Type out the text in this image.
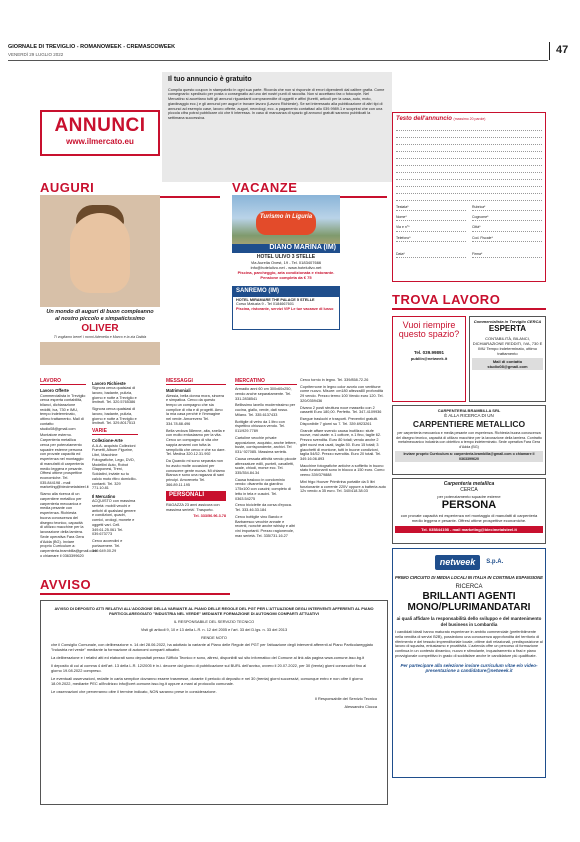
GIORNALE DI TREVIGLIO - ROMANOWEEK - CREMASCOWEEK
VENERDÌ 29 LUGLIO 2022	47
ANNUNCI
www.ilmercato.eu
Il tuo annuncio è gratuito
Compila questo coupon in stampatello in ogni sua parte. Ricorda che non si risponde di errori dipendenti dal calibre grafia. Come consegnarlo: spedisclo per posta o consegnatlo ad uno dei nostri punti di raccolta. Non si accettano fax o fotocopie. Nel Mercatino si accettano tutti gli annunci riguardanti compravendite di oggetti e affini (furetti, articoli per la casa, auto, moto, giardinaggio ecc.) e gli annunci per auguri e trovare lavoro (Lavoro Richieste). Se sei interessato alla pubblicazione di altri tipi di annunci ad esempio case, lavoro offerte, auguri, necrologi, ecc. a pagamento contattaci allo 039.9989.1 e scoprirai che con una piccola cifra potrai pubblicare ciò che ti interessa. In caso di mancanza di spazio gli annunci gratuiti saranno pubblicati la settimana successiva.	Testo dell'annuncio (massimo 20 parole)
Testata*	Rubrica*
Nome*	Cognome*
Via e n°*	Città*
Telefono*	Cod. Fiscale*
Data*	Firma*
AUGURI
Un mondo di auguri di buon compleanno
al nostro piccolo e simpaticissimo
OLIVER
Ti vogliamo bene! i nonni Adenetla e Marco e la zia Dalida
VACANZE
Turismo in Liguria
DIANO MARINA (IM)
HOTEL ULIVO 3 STELLE
Via Aurelia Ovest, 19 - Tel. 0183407666
info@hotelulivo.net - www.hotelulivo.net
Piscina, parcheggio, aria condizionata e ristorante. Pensione completa da € 75
SANREMO (IM)
HOTEL MIRAMARE THE PALACE 5 STELLE
Corso Matuzia 9 - Tel 0184667601
Piscina, ristorante, servizi VIP Le tue vacanze di lusso
TROVA LAVORO
Vuoi riempire questo spazio?
Tel. 039.99891
publiin@netweek.it
Commercialista in Treviglio CERCA
ESPERTA
CONTABILITÀ, BILANCI, DICHIARAZIONE REDDITI, IVA, 730 E IMU Tempo indeterminato, ottimo trattamento
Mail di contatto studio08@gmail.com
CARPENTERIA BRAMBILLA SRL
È ALLA RICERCA DI UN
CARPENTIERE METALLICO
per carpenteria meccanica e media pesante con esperienza. Richiesta buona conoscenza del disegno tecnico, capacità di utilizzo macchine per la lavorazione della lamiera. Contratto metalmeccanico industria con obiettivo a tempo indeterminato. Sede operativa Fara Gera d'Adda (BG)
Inviare proprio Curriculum a: carpenteria.brambilla@gmail.com o chiamare il 0363399620
Carpenteria metallica
CERCA
per potenziamento squadre esterne
PERSONA
con provate capacità ed esperienza nel montaggio di manufatti di carpenteria medio leggera e pesante. Offresi ottime prospettive economiche.
Tel. 035844198 - mail marketing@biecimetalsteel.it
netweek	S.p.A.
PRIMO CIRCUITO DI MEDIA LOCALI IN ITALIA IN CONTINUA ESPANSIONE
RICERCA
BRILLANTI AGENTI MONO/PLURIMANDATARI
ai quali affidare la responsabilità dello sviluppo e del mantenimento del business in Lombardia
I candidati ideali hanno maturato esperienze in ambito commerciale (preferibilmente nella vendita di servizi B2B), possiedono una conoscenza approfondita del territorio di riferimento e del tessuto imprenditoriale locale, ottime doti relazionali, predisposizione al lavoro di squadra, entusiasmo e proattività. L'azienda offre un percorso di formazione continua in un contesto dinamico, nuovo e stimolante, inquadramento a fissi e piano provvigionale competitivo in grado di soddisfare anche le candidature più qualificate.
Per partecipare alla selezione inviare curriculum vitae e/o video-presentazione a candidature@netweek.it
LAVORO
Lavoro Offerte

Commercialista in Treviglio cerca esperta contabilità, bilanci, dichiarazione redditi, iva, 730 e IMU, tempo indeterminato, ottimo trattamento. Mail di contatto studio08@gmail.com

Montatore esterno. Carpenteria metallica cerca per potenziamento squadre esterne persona con provate capacità ed esperienza nel montaggio di manufatti di carpenteria medio leggera e pesante. Offresi ottime prospettive economiche. Tel. 035.844198 - mail marketing@biecimetalsteel.it

Siamo alla ricerca di un carpentiere metallico per carpenteria meccanica e media pesante con esperienza. Richiesta buona conoscenza del disegno tecnico, capacità di utilizzo macchine per la lavorazione della lamiera. Sede operativa Fara Gera d'Adda (BG). Inviare proprio Curriculum a: carpenteria.brambilla@gmail.com o chiamare il 0363399620

Lavoro Richieste

Signora cerca qualsiasi di lavoro, badante, pulizia, giorno e notte a Treviglio e limitrofi. Tel. 320.5765386

Signora cerca qualsiasi di lavoro, badante, pulizia, giorno e notte a Treviglio e limitrofi. Tel. 329.8017513

VARIE
Collezione-Arte

A.A.A. acquisto Collezioni Fumetti, Album Figurine, Libri, Macchine Fotografiche, Lego, DVD, Modellini Auto, Robot Giapponesi, Treni, Soldatini, inviate su tu calcio moto ritiro domicilio- contanti. Tel. 329 771.10.81

Il Mercatino

ACQUISTO con massima serietà: mobili vecchi e antichi di qualsiasi genere e condizioni, quadri, cornici, orologi, monete e oggetti vari. Cell. 349.61.25.061 Tel. 039.673773

Cerco accendini e portacenere. Tel. 349.649.00.29

MESSAGGI
Matrimoniali

Alessia, bella donna mora, sincera e simpatica. Cerco da questo tempo un compagno che sia complice di vita e di progetti. Amo la mia casa perché è l'immagine nel verde. Amorevero Tel. 334.78.88.496

Bella vedova 58enne, alta, snella e con molto entusiasmo per la vita. Cerco un compagno di vita che sappia amarmi con tutta la semplicità che cerco e che so dare. Tel. Mediva 320.12.31.992

Da Quando mi sono separata non ho avuto molte occasioni per conoscere gente nuova. Mi chiamo Bianca e sono una ragazza di sani principi. Amoreveto Tel. 366.89.11.195

PERSONALI

RAGAZZA 23 anni assicura con massima serietà'. Trasporto.

Tel. 333/56.96.3.78

MERCATINO

Armadio anni 60 cm 300x60x250, vendo anche separatamente. Tel. 331.2838541

Bellissimo lavello modernissimo per cucina, giallo, verde, dati rosso. Milano. Tel. 335.6137433

Bottiglie di vetro da 1 litro con rispettivo chiusura vendo. Tel. 011/929.7789

Cartoline vecchie private apposizione, acquisto, anche lettere, buste, corrispondente, archivi. Tel 031/ 927085. Massima serietà.

Causa cessata attività vendo piccole attrezzature edili, punteli, cavalletti, scale, chiodi, morse ecc. Tel. 335/354.84.34

Causa trasloco in condominio vendo: divanetto da giardino 175x100 con cuscini; completo di letto in tela e cuscini. Tel. 0363.54275

Cerco biciclette da corsa d'epoca. Tel. 333.46.33.184

Cerco bottiglie vino Barolo e Barbaresco vecchie annate e recenti, nonchè anche whisky e altri vini importanti. Prezzo ragionevole, max serietà. Tel. 335/731.16.27

Cerco tornio in legno. Tel. 339/858.72.26

Copriternone in legno color avorio con ventitune come nuovo. Misure: cm180 altezza80 profondità 29 vendo. Prezzo termo 100 Vendo euro 120. Tel. 320/0359436

Divano 2 posti struttura noce massello con 2 cassetti Euro 180,00. Perfetto. Tel. 347-4109936

Esegue traslochi e trasporti. Preventivi gratuiti. Disponibile 7 giorni su 7. Tel. 339.6923261

Grande affare svendo causa inutilizzo: stufe nuove, mai usate: n.1 cottore, n.1 fino, taglie 62. Prezzo svendita. Euro 80 totali; vendo anche 2 gilet nuovi mai usati, taglia 50. Euro 15 totali; 3 giacchetti di montone, tutti in buone condizioni, taglia 54/52. Prezzo svendita. Euro 20 totali. Tel. 349.16.06.893

Macchine fotografiche antiche a soffietto in buono stato funzionanti sono in blocco a 150 euro. Como veeno 339/379888

Mini frigo Hoover Primitrina portatile da 5 litri funzionante a corrente 220V oppure a batteria auto 12v vendo a 35 euro. Tel. 340/418.38.03

AVVISO

AVVISO DI DEPOSITO ATTI RELATIVI ALL'ADOZIONE DELLA VARIANTE AL PIANO DELLE REGOLE DEL PGT PER L'ATTUAZIONE DEGLI INTERVENTI AFFERENTI AL PIANO PARTICOLAREGGIATO "INDUSTRIA NEL VERDE" MEDIANTE FORMAZIONE DI AUTONOMI COMPARTI ATTUATIVI

IL RESPONSABILE DEL SERVIZIO TECNICO

Visti gli articoli 9, 10 e 13 della L.R. n. 12 del 2005 e l'art. 33 del D.lgs. n. 33 del 2013

RENDE NOTO

che il Consiglio Comunale, con deliberazione n. 14 del 28.06.2022, ha adottato la variante al Piano delle Regole del PGT per l'attuazione degli interventi afferenti al Piano Particolareggiato "Industria nel verde" mediante la formazione di autonomi comparti attuativi.

La deliberazione e i relativi atti ed elaborati sono depositati presso l'Ufficio Tecnico e sono, altresì, disponibili sul sito informatico del Comune al link alla pagina www.comune.isso.bg.it

Il deposito di cui al comma 4 dell'art. 13 della L.R. 12/2005 è in.i. decorre dal giorno di pubblicazione sul BURL dell'avviso, ovvero il 20.07.2022, per 30 (trenta) giorni consecutivi fino al giorno 19.08.2022 compreso.

Le eventuali osservazioni, redatte in carta semplice dovranno essere trasmesse, durante il periodo di deposito e nei 30 (trenta) giorni successivi, comunque entro e non oltre il giorno 18.09.2022, mediante PEC all'indirizzo info@cert.comune.isso.bg.it oppure a mani al protocollo comunale.

Le osservazioni che perverranno oltre il termine indicato, NON saranno prese in considerazione.

Il Responsabile del Servizio Tecnico

Alessandro Ciocca
